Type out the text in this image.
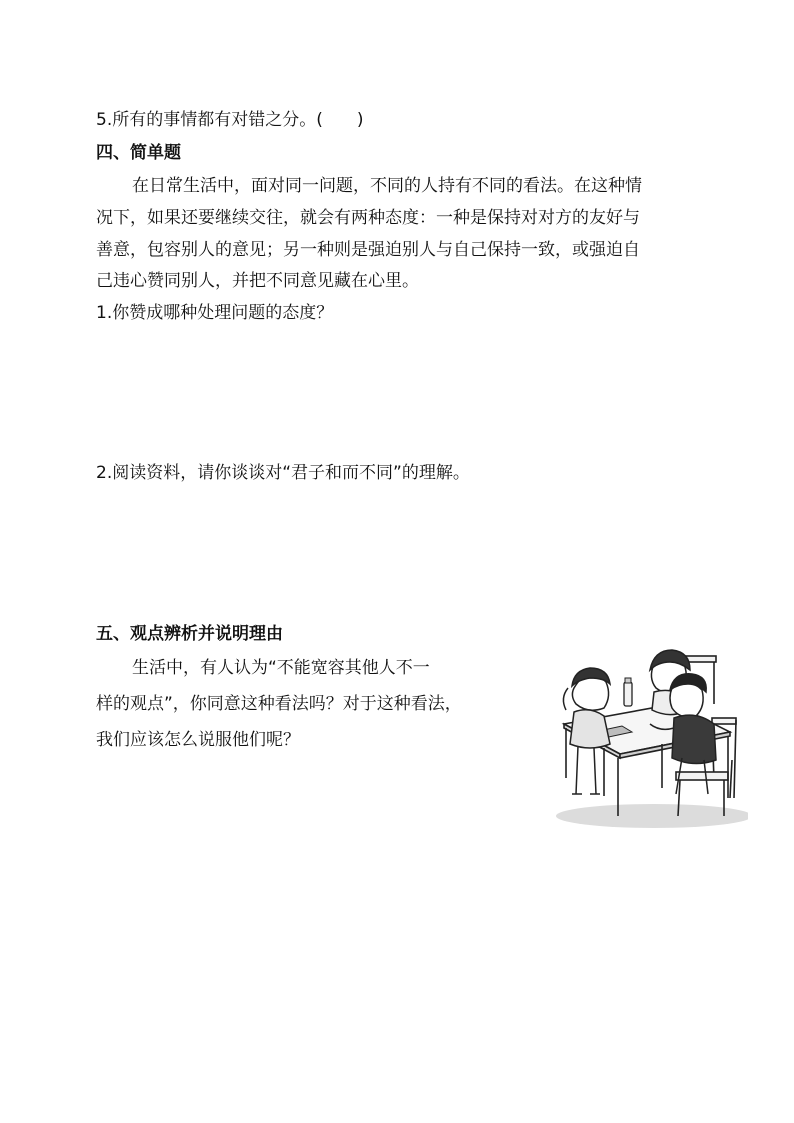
5.所有的事情都有对错之分。(　　)
四、简单题
在日常生活中，面对同一问题，不同的人持有不同的看法。在这种情
况下，如果还要继续交往，就会有两种态度：一种是保持对对方的友好与
善意，包容别人的意见；另一种则是强迫别人与自己保持一致，或强迫自
己违心赞同别人，并把不同意见藏在心里。
1.你赞成哪种处理问题的态度？
2.阅读资料，请你谈谈对“君子和而不同”的理解。
五、观点辨析并说明理由
生活中，有人认为“不能宽容其他人不一
样的观点”，你同意这种看法吗？对于这种看法，
我们应该怎么说服他们呢？
